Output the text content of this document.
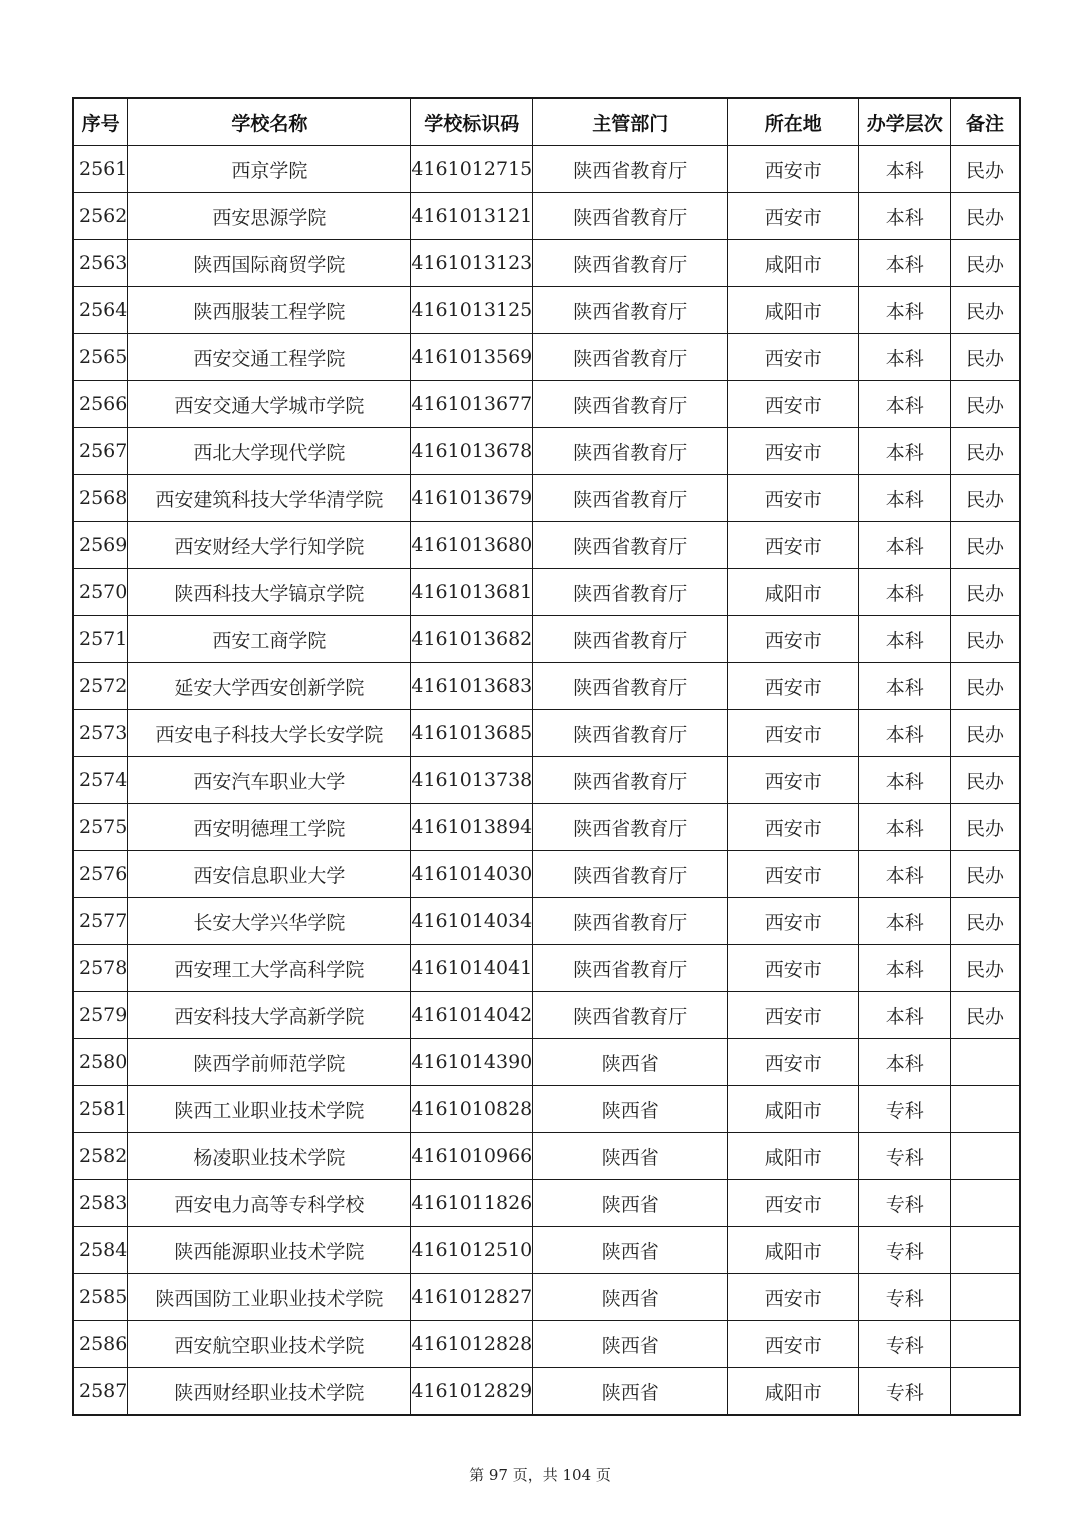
序号	学校名称	学校标识码	主管部门	所在地	办学层次	备注
2561	西京学院	4161012715	陕西省教育厅	西安市	本科	民办
2562	西安思源学院	4161013121	陕西省教育厅	西安市	本科	民办
2563	陕西国际商贸学院	4161013123	陕西省教育厅	咸阳市	本科	民办
2564	陕西服装工程学院	4161013125	陕西省教育厅	咸阳市	本科	民办
2565	西安交通工程学院	4161013569	陕西省教育厅	西安市	本科	民办
2566	西安交通大学城市学院	4161013677	陕西省教育厅	西安市	本科	民办
2567	西北大学现代学院	4161013678	陕西省教育厅	西安市	本科	民办
2568	西安建筑科技大学华清学院	4161013679	陕西省教育厅	西安市	本科	民办
2569	西安财经大学行知学院	4161013680	陕西省教育厅	西安市	本科	民办
2570	陕西科技大学镐京学院	4161013681	陕西省教育厅	咸阳市	本科	民办
2571	西安工商学院	4161013682	陕西省教育厅	西安市	本科	民办
2572	延安大学西安创新学院	4161013683	陕西省教育厅	西安市	本科	民办
2573	西安电子科技大学长安学院	4161013685	陕西省教育厅	西安市	本科	民办
2574	西安汽车职业大学	4161013738	陕西省教育厅	西安市	本科	民办
2575	西安明德理工学院	4161013894	陕西省教育厅	西安市	本科	民办
2576	西安信息职业大学	4161014030	陕西省教育厅	西安市	本科	民办
2577	长安大学兴华学院	4161014034	陕西省教育厅	西安市	本科	民办
2578	西安理工大学高科学院	4161014041	陕西省教育厅	西安市	本科	民办
2579	西安科技大学高新学院	4161014042	陕西省教育厅	西安市	本科	民办
2580	陕西学前师范学院	4161014390	陕西省	西安市	本科	
2581	陕西工业职业技术学院	4161010828	陕西省	咸阳市	专科	
2582	杨凌职业技术学院	4161010966	陕西省	咸阳市	专科	
2583	西安电力高等专科学校	4161011826	陕西省	西安市	专科	
2584	陕西能源职业技术学院	4161012510	陕西省	咸阳市	专科	
2585	陕西国防工业职业技术学院	4161012827	陕西省	西安市	专科	
2586	西安航空职业技术学院	4161012828	陕西省	西安市	专科	
2587	陕西财经职业技术学院	4161012829	陕西省	咸阳市	专科	
第 97 页，共 104 页
